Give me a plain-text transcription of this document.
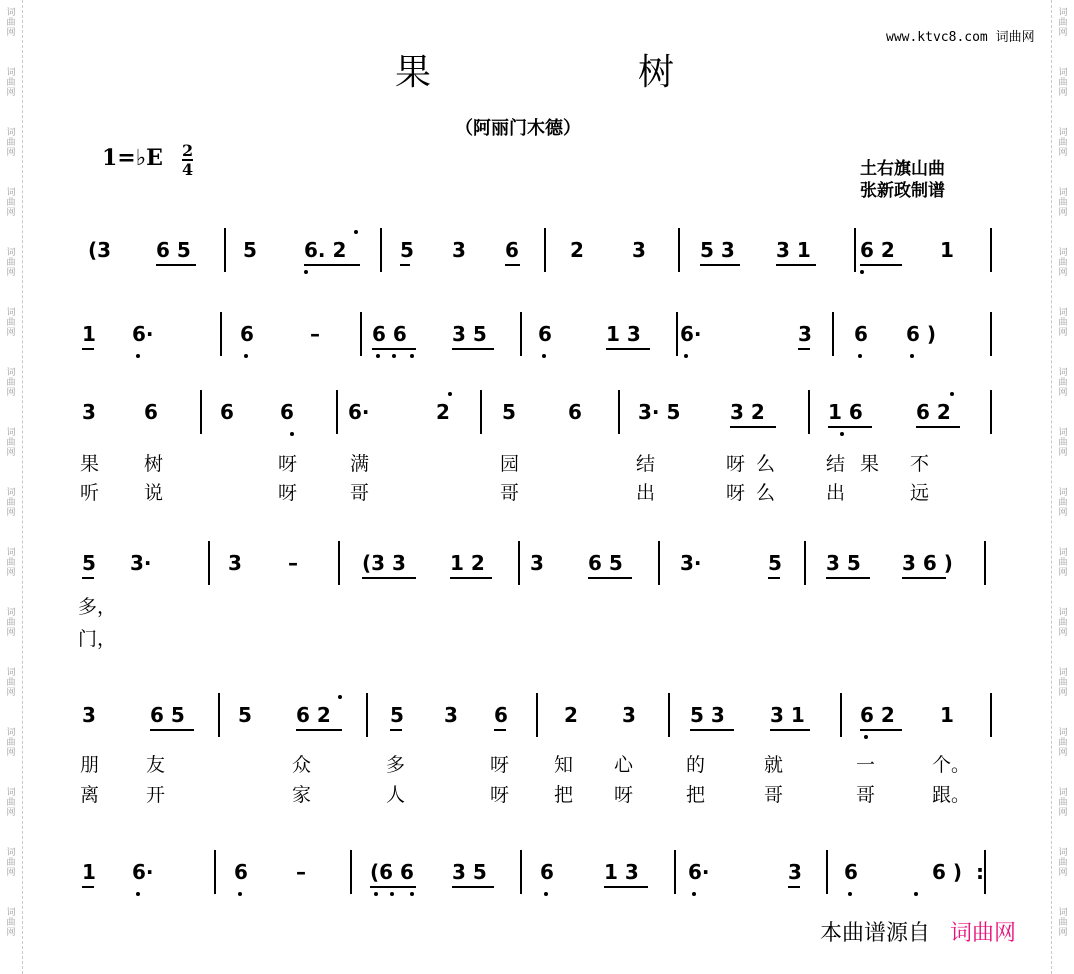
词
曲
网
词
曲
网
词
曲
网
词
曲
网
词
曲
网
词
曲
网
词
曲
网
词
曲
网
词
曲
网
词
曲
网
词
曲
网
词
曲
网
词
曲
网
词
曲
网
词
曲
网
词
曲
网
词
曲
网
词
曲
网
词
曲
网
词
曲
网
词
曲
网
词
曲
网
词
曲
网
词
曲
网
词
曲
网
词
曲
网
词
曲
网
词
曲
网
词
曲
网
词
曲
网
词
曲
网
词
曲
网
www.ktvc8.com 词曲网
果	树
（阿丽门木德）
1=♭E 2
4	土右旗山曲
张新政制谱
(3 6 5	5 6. 2	5 3 6	2 3	5 3 3 1 6 2 1
1 6·	6	–	6 6 3 5	6	1 3 6·	3 6 6 )
3 6	6 6	6·	2	5	6	3· 5 3 2	1 6	6 2
5 3·	3 –	(3 3 1 2 3 6 5	3·	5 3 5 3 6 )
3	6 5	5 6 2	5 3 6	2 3	5 3 3 1	6 2 1
1 6·	6 –	(6 6 3 5	6	1 3 6·	3 6	6 ) :
果 树	呀	满	园	结	呀 么	结 果 不
听 说	呀	哥	哥	出	呀 么	出	远
多，
门，
朋 友	众	多	呀 知 心	的	就	一	个。
离 开	家	人	呀 把 呀	把	哥	哥	跟。
本曲谱源自 词曲网
